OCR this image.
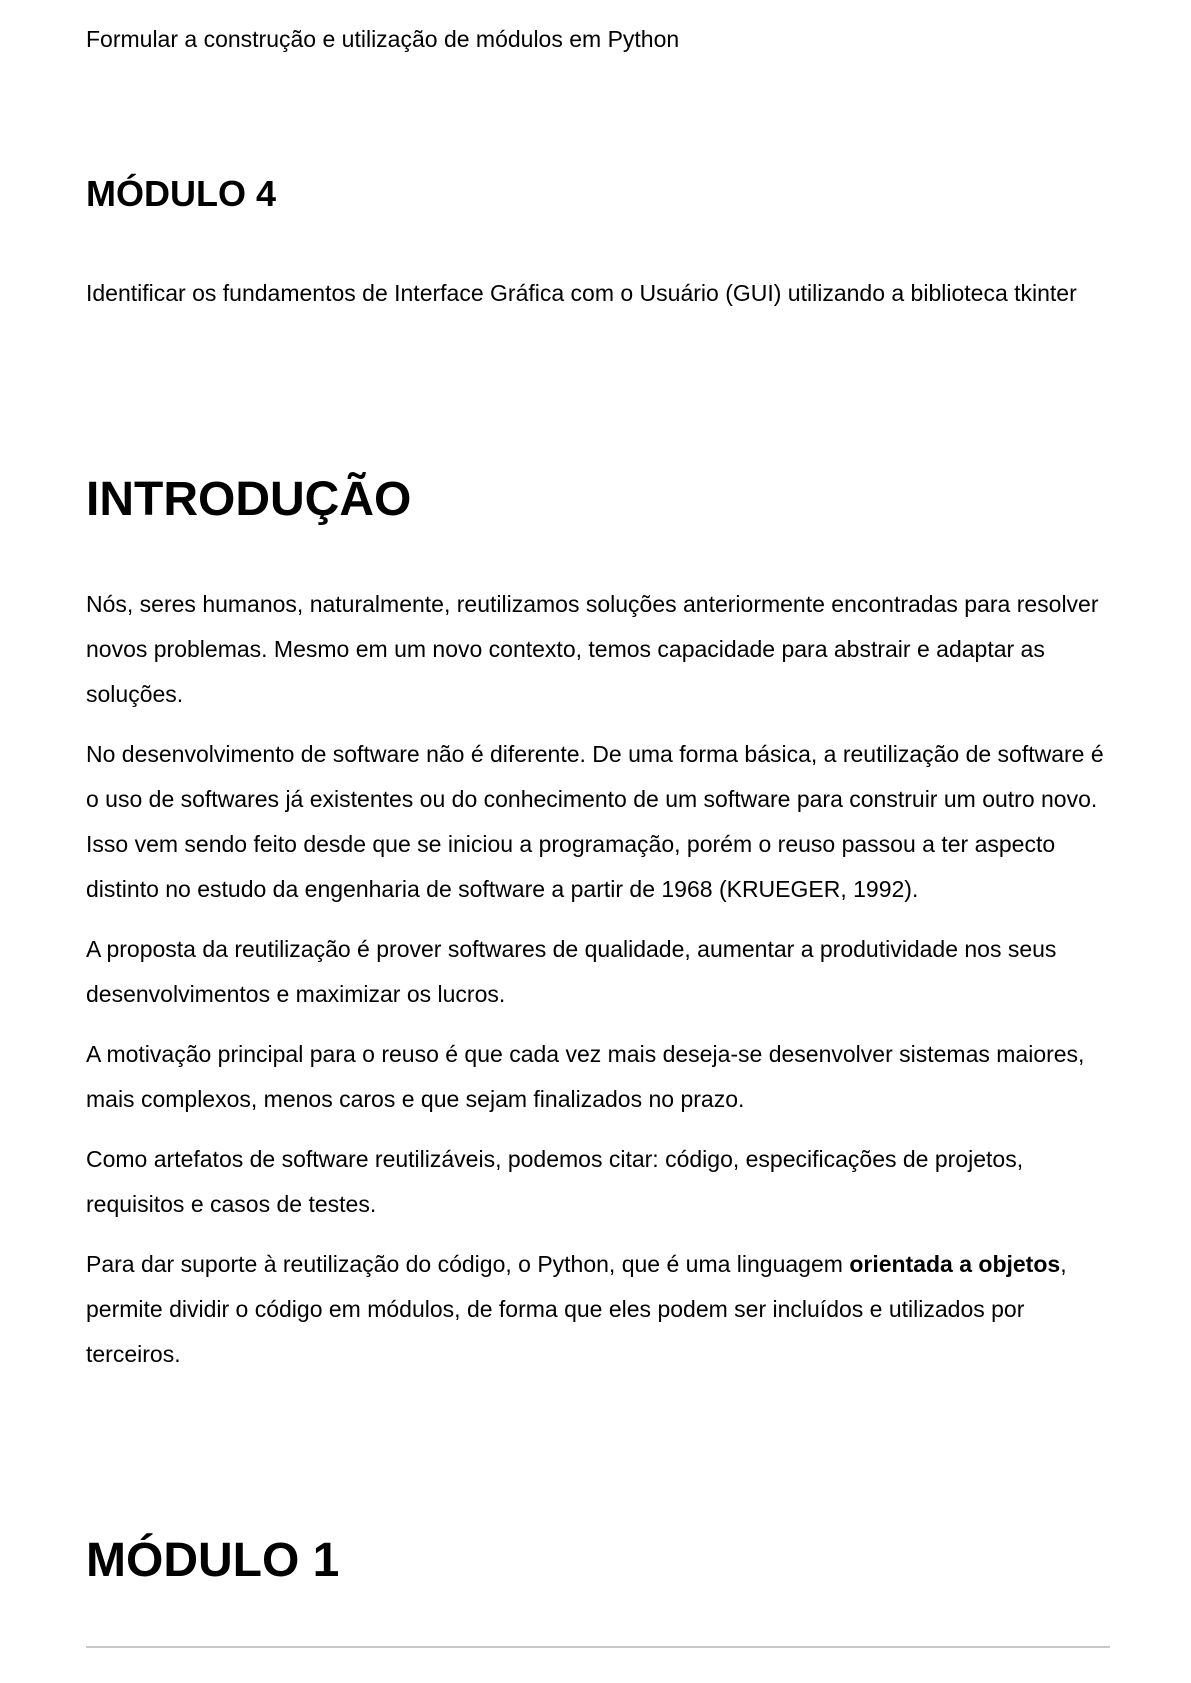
Formular a construção e utilização de módulos em Python

MÓDULO 4

Identificar os fundamentos de Interface Gráfica com o Usuário (GUI) utilizando a biblioteca tkinter

INTRODUÇÃO

Nós, seres humanos, naturalmente, reutilizamos soluções anteriormente encontradas para resolver novos problemas. Mesmo em um novo contexto, temos capacidade para abstrair e adaptar as soluções.

No desenvolvimento de software não é diferente. De uma forma básica, a reutilização de software é o uso de softwares já existentes ou do conhecimento de um software para construir um outro novo. Isso vem sendo feito desde que se iniciou a programação, porém o reuso passou a ter aspecto distinto no estudo da engenharia de software a partir de 1968 (KRUEGER, 1992).

A proposta da reutilização é prover softwares de qualidade, aumentar a produtividade nos seus desenvolvimentos e maximizar os lucros.

A motivação principal para o reuso é que cada vez mais deseja-se desenvolver sistemas maiores, mais complexos, menos caros e que sejam finalizados no prazo.

Como artefatos de software reutilizáveis, podemos citar: código, especificações de projetos, requisitos e casos de testes.

Para dar suporte à reutilização do código, o Python, que é uma linguagem orientada a objetos, permite dividir o código em módulos, de forma que eles podem ser incluídos e utilizados por terceiros.

MÓDULO 1
